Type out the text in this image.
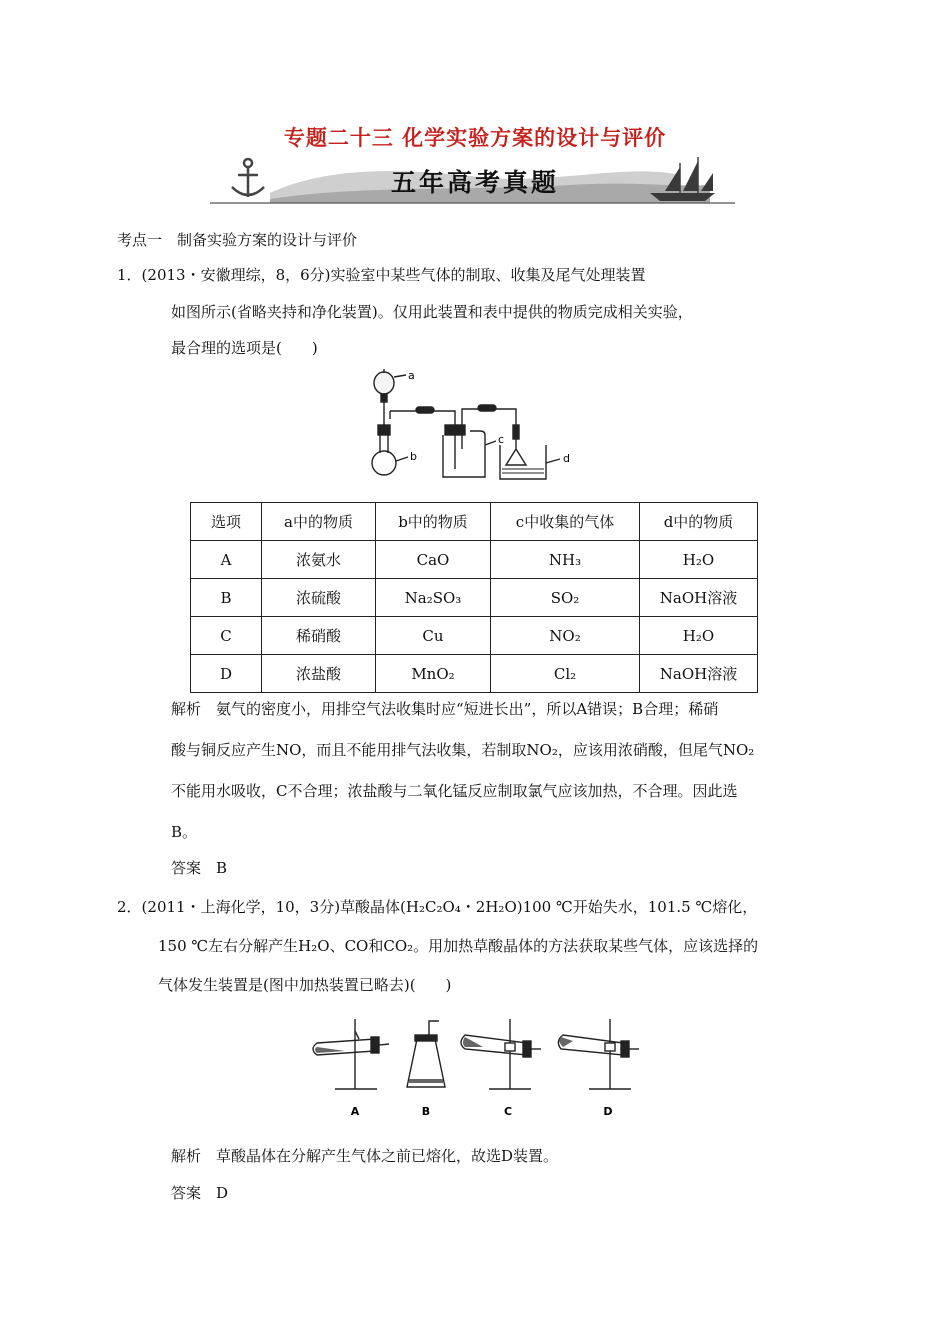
专题二十三 化学实验方案的设计与评价
五年高考真题
考点一　制备实验方案的设计与评价
1．(2013・安徽理综，8，6分)实验室中某些气体的制取、收集及尾气处理装置
如图所示(省略夹持和净化装置)。仅用此装置和表中提供的物质完成相关实验，
最合理的选项是(　　)
a
b
c
d
选项	a中的物质	b中的物质	c中收集的气体	d中的物质
A	浓氨水	CaO	NH₃	H₂O
B	浓硫酸	Na₂SO₃	SO₂	NaOH溶液
C	稀硝酸	Cu	NO₂	H₂O
D	浓盐酸	MnO₂	Cl₂	NaOH溶液
解析　氨气的密度小，用排空气法收集时应“短进长出”，所以A错误；B合理；稀硝
酸与铜反应产生NO，而且不能用排气法收集，若制取NO₂，应该用浓硝酸，但尾气NO₂
不能用水吸收，C不合理；浓盐酸与二氧化锰反应制取氯气应该加热，不合理。因此选
B。
答案　B
2．(2011・上海化学，10，3分)草酸晶体(H₂C₂O₄・2H₂O)100 ℃开始失水，101.5 ℃熔化，
150 ℃左右分解产生H₂O、CO和CO₂。用加热草酸晶体的方法获取某些气体，应该选择的
气体发生装置是(图中加热装置已略去)(　　)
A	B	C	D
解析　草酸晶体在分解产生气体之前已熔化，故选D装置。
答案　D
